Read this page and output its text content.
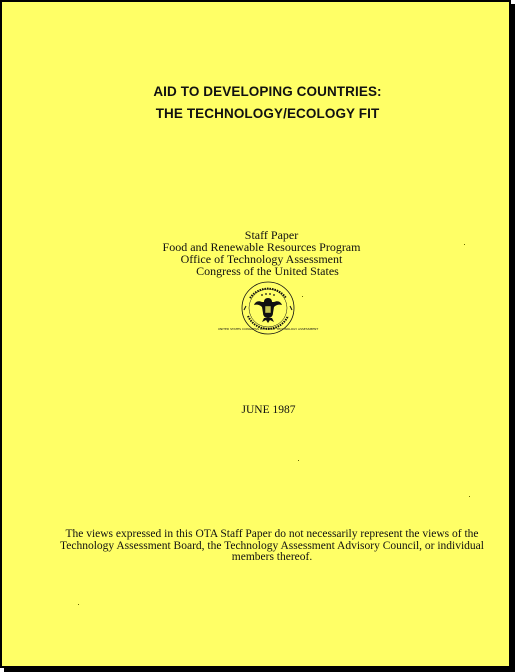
AID TO DEVELOPING COUNTRIES:
THE TECHNOLOGY/ECOLOGY FIT
Staff Paper
Food and Renewable Resources Program
Office of Technology Assessment
Congress of the United States
UNITED STATES CONGRESS OFFICE OF TECHNOLOGY ASSESSMENT
JUNE 1987
The views expressed in this OTA Staff Paper do not necessarily represent the views of the
Technology Assessment Board, the Technology Assessment Advisory Council, or individual
members thereof.
